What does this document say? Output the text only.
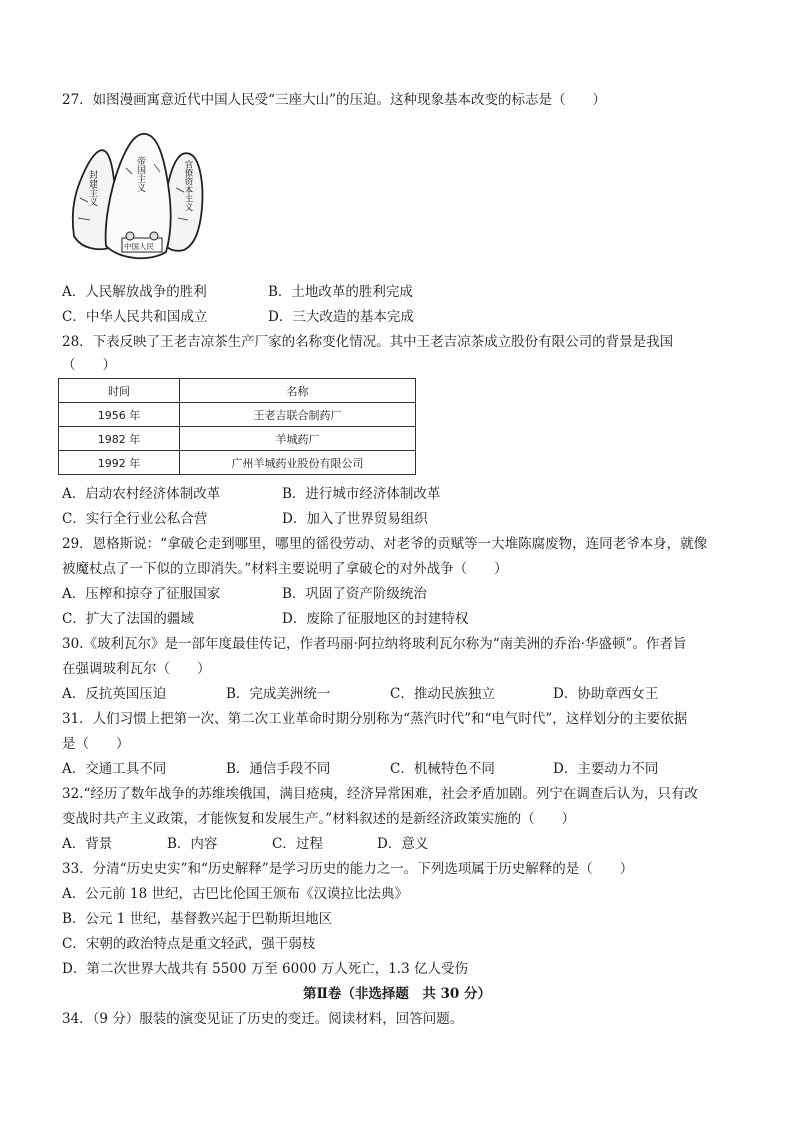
27．如图漫画寓意近代中国人民受“三座大山”的压迫。这种现象基本改变的标志是（　　）
封建主义	帝国主义	官僚资本主义
中国人民
A．人民解放战争的胜利	B．土地改革的胜利完成
C．中华人民共和国成立	D．三大改造的基本完成
28．下表反映了王老吉凉茶生产厂家的名称变化情况。其中王老吉凉茶成立股份有限公司的背景是我国
（　　）
时间	名称
1956 年	王老吉联合制药厂
1982 年	羊城药厂
1992 年	广州羊城药业股份有限公司
A．启动农村经济体制改革	B．进行城市经济体制改革
C．实行全行业公私合营	D．加入了世界贸易组织
29．恩格斯说：“拿破仑走到哪里，哪里的徭役劳动、对老爷的贡赋等一大堆陈腐废物，连同老爷本身，就像
被魔杖点了一下似的立即消失。”材料主要说明了拿破仑的对外战争（　　）
A．压榨和掠夺了征服国家	B．巩固了资产阶级统治
C．扩大了法国的疆域	D．废除了征服地区的封建特权
30.《玻利瓦尔》是一部年度最佳传记，作者玛丽·阿拉纳将玻利瓦尔称为“南美洲的乔治·华盛顿”。作者旨
在强调玻利瓦尔（　　）
A．反抗英国压迫	B．完成美洲统一	C．推动民族独立	D．协助章西女王
31．人们习惯上把第一次、第二次工业革命时期分别称为“蒸汽时代”和“电气时代”，这样划分的主要依据
是（　　）
A．交通工具不同	B．通信手段不同	C．机械特色不同	D．主要动力不同
32.“经历了数年战争的苏维埃俄国，满目疮痍，经济异常困难，社会矛盾加剧。列宁在调查后认为，只有改
变战时共产主义政策，才能恢复和发展生产。”材料叙述的是新经济政策实施的（　　）
A．背景	B．内容	C．过程	D．意义
33．分清“历史史实”和“历史解释”是学习历史的能力之一。下列选项属于历史解释的是（　　）
A．公元前 18 世纪，古巴比伦国王颁布《汉谟拉比法典》
B．公元 1 世纪，基督教兴起于巴勒斯坦地区
C．宋朝的政治特点是重文轻武，强干弱枝
D．第二次世界大战共有 5500 万至 6000 万人死亡，1.3 亿人受伤
第Ⅱ卷（非选择题　共 30 分）
34．（9 分）服装的演变见证了历史的变迁。阅读材料，回答问题。
